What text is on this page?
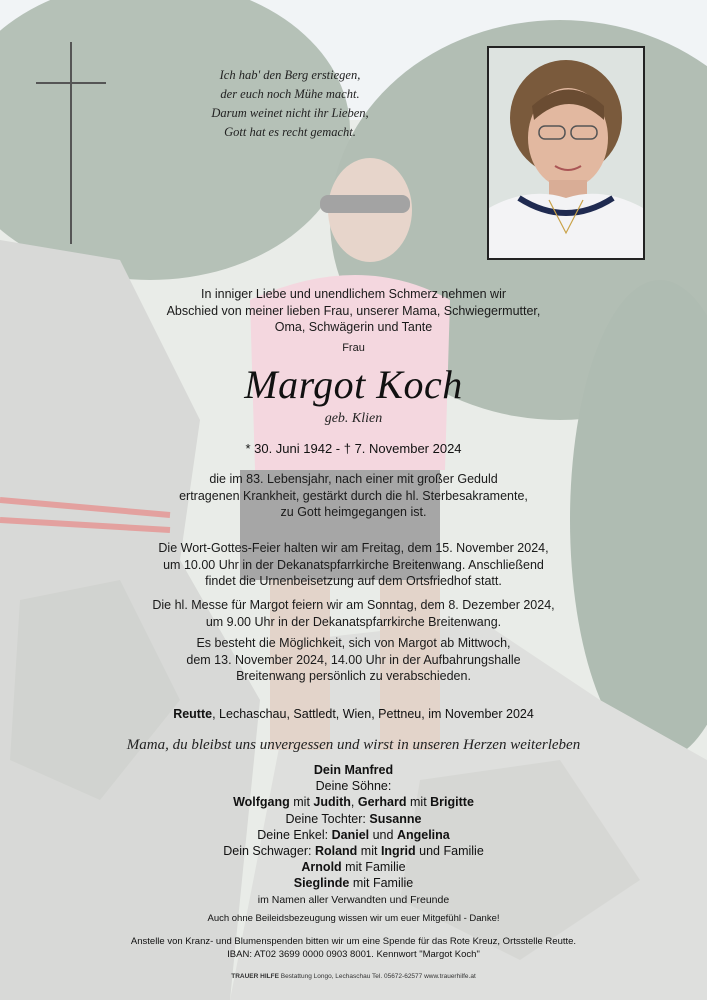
Ich hab' den Berg erstiegen,
der euch noch Mühe macht.
Darum weinet nicht ihr Lieben,
Gott hat es recht gemacht.
In inniger Liebe und unendlichem Schmerz nehmen wir
Abschied von meiner lieben Frau, unserer Mama, Schwiegermutter,
Oma, Schwägerin und Tante
Frau
Margot Koch
geb. Klien
* 30. Juni 1942 - † 7. November 2024
die im 83. Lebensjahr, nach einer mit großer Geduld
ertragenen Krankheit, gestärkt durch die hl. Sterbesakramente,
zu Gott heimgegangen ist.
Die Wort-Gottes-Feier halten wir am Freitag, dem 15. November 2024,
um 10.00 Uhr in der Dekanatspfarrkirche Breitenwang. Anschließend
findet die Urnenbeisetzung auf dem Ortsfriedhof statt.
Die hl. Messe für Margot feiern wir am Sonntag, dem 8. Dezember 2024,
um 9.00 Uhr in der Dekanatspfarrkirche Breitenwang.
Es besteht die Möglichkeit, sich von Margot ab Mittwoch,
dem 13. November 2024, 14.00 Uhr in der Aufbahrungshalle
Breitenwang persönlich zu verabschieden.
Reutte, Lechaschau, Sattledt, Wien, Pettneu, im November 2024
Mama, du bleibst uns unvergessen und wirst in unseren Herzen weiterleben
Dein Manfred
Deine Söhne:
Wolfgang mit Judith, Gerhard mit Brigitte
Deine Tochter: Susanne
Deine Enkel: Daniel und Angelina
Dein Schwager: Roland mit Ingrid und Familie
Arnold mit Familie
Sieglinde mit Familie
im Namen aller Verwandten und Freunde
Auch ohne Beileidsbezeugung wissen wir um euer Mitgefühl - Danke!
Anstelle von Kranz- und Blumenspenden bitten wir um eine Spende für das Rote Kreuz, Ortsstelle Reutte.
IBAN: AT02 3699 0000 0903 8001. Kennwort "Margot Koch"
TRAUER HILFE Bestattung Longo, Lechaschau Tel. 05672-62577 www.trauerhilfe.at
